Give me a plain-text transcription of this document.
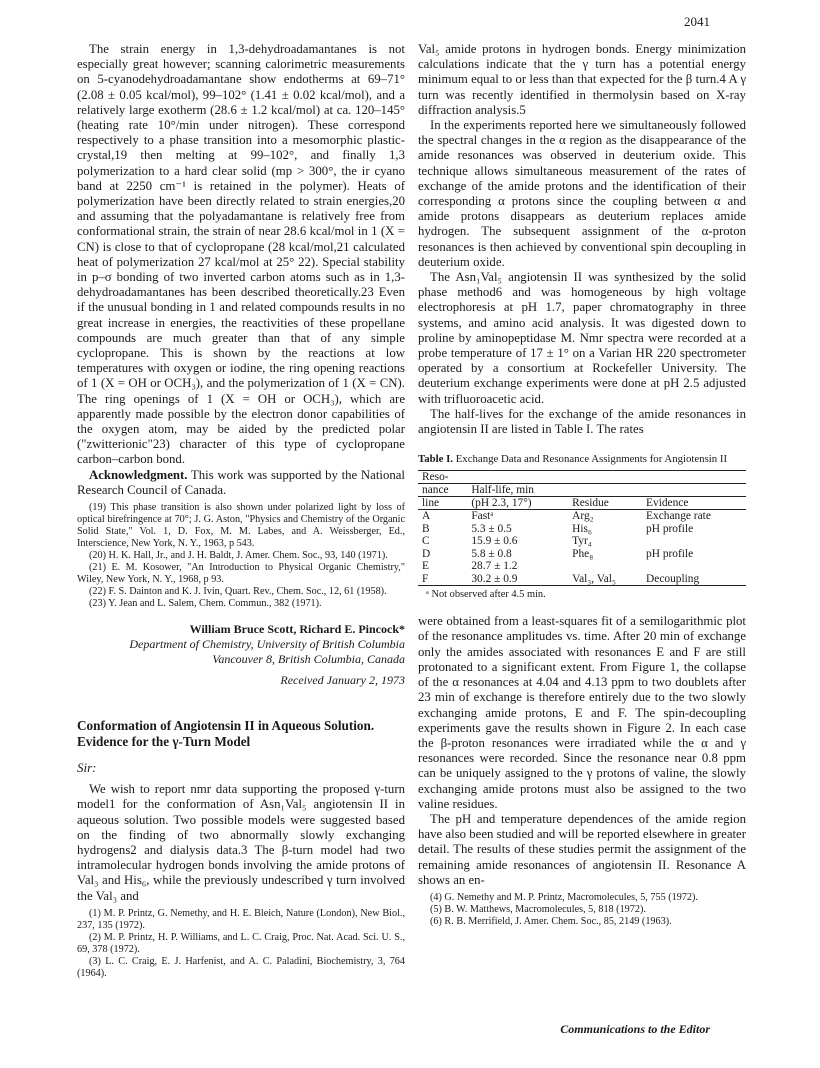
2041

The strain energy in 1,3-dehydroadamantanes is not especially great however; scanning calorimetric measurements on 5-cyanodehydroadamantane show endotherms at 69–71° (2.08 ± 0.05 kcal/mol), 99–102° (1.41 ± 0.02 kcal/mol), and a relatively large exotherm (28.6 ± 1.2 kcal/mol) at ca. 120–145° (heating rate 10°/min under nitrogen). These correspond respectively to a phase transition into a mesomorphic plastic-crystal,19 then melting at 99–102°, and finally 1,3 polymerization to a hard clear solid (mp > 300°, the ir cyano band at 2250 cm⁻¹ is retained in the polymer). Heats of polymerization have been directly related to strain energies,20 and assuming that the polyadamantane is relatively free from conformational strain, the strain of near 28.6 kcal/mol in 1 (X = CN) is close to that of cyclopropane (28 kcal/mol,21 calculated heat of polymerization 27 kcal/mol at 25° 22). Special stability in p–σ bonding of two inverted carbon atoms such as in 1,3-dehydroadamantanes has been described theoretically.23 Even if the unusual bonding in 1 and related compounds results in no great increase in energies, the reactivities of these propellane compounds are much greater than that of any simple cyclopropane. This is shown by the reactions at low temperatures with oxygen or iodine, the ring opening reactions of 1 (X = OH or OCH₃), and the polymerization of 1 (X = CN). The ring openings of 1 (X = OH or OCH₃), which are apparently made possible by the electron donor capabilities of the oxygen atom, may be aided by the predicted polar ("zwitterionic"23) character of this type of cyclopropane carbon–carbon bond.

Acknowledgment. This work was supported by the National Research Council of Canada.

(19) This phase transition is also shown under polarized light by loss of optical birefringence at 70°; J. G. Aston, "Physics and Chemistry of the Organic Solid State," Vol. 1, D. Fox, M. M. Labes, and A. Weissberger, Ed., Interscience, New York, N. Y., 1963, p 543.

(20) H. K. Hall, Jr., and J. H. Baldt, J. Amer. Chem. Soc., 93, 140 (1971).

(21) E. M. Kosower, "An Introduction to Physical Organic Chemistry," Wiley, New York, N. Y., 1968, p 93.

(22) F. S. Dainton and K. J. Ivin, Quart. Rev., Chem. Soc., 12, 61 (1958).

(23) Y. Jean and L. Salem, Chem. Commun., 382 (1971).

William Bruce Scott, Richard E. Pincock*
Department of Chemistry, University of British Columbia
Vancouver 8, British Columbia, Canada
Received January 2, 1973
Conformation of Angiotensin II in Aqueous Solution. Evidence for the γ-Turn Model
Sir:

We wish to report nmr data supporting the proposed γ-turn model1 for the conformation of Asn₁Val₅ angiotensin II in aqueous solution. Two possible models were suggested based on the finding of two abnormally slowly exchanging hydrogens2 and dialysis data.3 The β-turn model had two intramolecular hydrogen bonds involving the amide protons of Val₃ and His₆, while the previously undescribed γ turn involved the Val₃ and

(1) M. P. Printz, G. Nemethy, and H. E. Bleich, Nature (London), New Biol., 237, 135 (1972).

(2) M. P. Printz, H. P. Williams, and L. C. Craig, Proc. Nat. Acad. Sci. U. S., 69, 378 (1972).

(3) L. C. Craig, E. J. Harfenist, and A. C. Paladini, Biochemistry, 3, 764 (1964).

Val₅ amide protons in hydrogen bonds. Energy minimization calculations indicate that the γ turn has a potential energy minimum equal to or less than that expected for the β turn.4 A γ turn was recently identified in thermolysin based on X-ray diffraction analysis.5

In the experiments reported here we simultaneously followed the spectral changes in the α region as the disappearance of the amide resonances was observed in deuterium oxide. This technique allows simultaneous measurement of the rates of exchange of the amide protons and the identification of their corresponding α protons since the coupling between α and amide protons disappears as deuterium replaces amide hydrogen. The subsequent assignment of the α-proton resonances is then achieved by conventional spin decoupling in deuterium oxide.

The Asn₁Val₅ angiotensin II was synthesized by the solid phase method6 and was homogeneous by high voltage electrophoresis at pH 1.7, paper chromatography in three systems, and amino acid analysis. It was digested down to proline by aminopeptidase M. Nmr spectra were recorded at a probe temperature of 17 ± 1° on a Varian HR 220 spectrometer operated by a consortium at Rockefeller University. The deuterium exchange experiments were done at pH 2.5 adjusted with trifluoroacetic acid.

The half-lives for the exchange of the amide resonances in angiotensin II are listed in Table I. The rates

Table I. Exchange Data and Resonance Assignments for Angiotensin II
Reso-			
nance	Half-life, min		
line	(pH 2.3, 17°)	Residue	Evidence
A	Fastᵃ	Arg₂	Exchange rate
B	5.3 ± 0.5	His₆	pH profile
C	15.9 ± 0.6	Tyr₄	
D	5.8 ± 0.8	Phe₈	pH profile
E	28.7 ± 1.2		
F	30.2 ± 0.9	Val₃, Val₅	Decoupling
ᵃ Not observed after 4.5 min.

were obtained from a least-squares fit of a semilogarithmic plot of the resonance amplitudes vs. time. After 20 min of exchange only the amides associated with resonances E and F are still protonated to a significant extent. From Figure 1, the collapse of the α resonances at 4.04 and 4.13 ppm to two doublets after 23 min of exchange is therefore entirely due to the two slowly exchanging amide protons, E and F. The spin-decoupling experiments gave the results shown in Figure 2. In each case the β-proton resonances were irradiated while the α and γ resonances were recorded. Since the resonance near 0.8 ppm can be uniquely assigned to the γ protons of valine, the slowly exchanging amide protons must also be assigned to the two valine residues.

The pH and temperature dependences of the amide region have also been studied and will be reported elsewhere in greater detail. The results of these studies permit the assignment of the remaining amide resonances of angiotensin II. Resonance A shows an en-

(4) G. Nemethy and M. P. Printz, Macromolecules, 5, 755 (1972).

(5) B. W. Matthews, Macromolecules, 5, 818 (1972).

(6) R. B. Merrifield, J. Amer. Chem. Soc., 85, 2149 (1963).

Communications to the Editor
